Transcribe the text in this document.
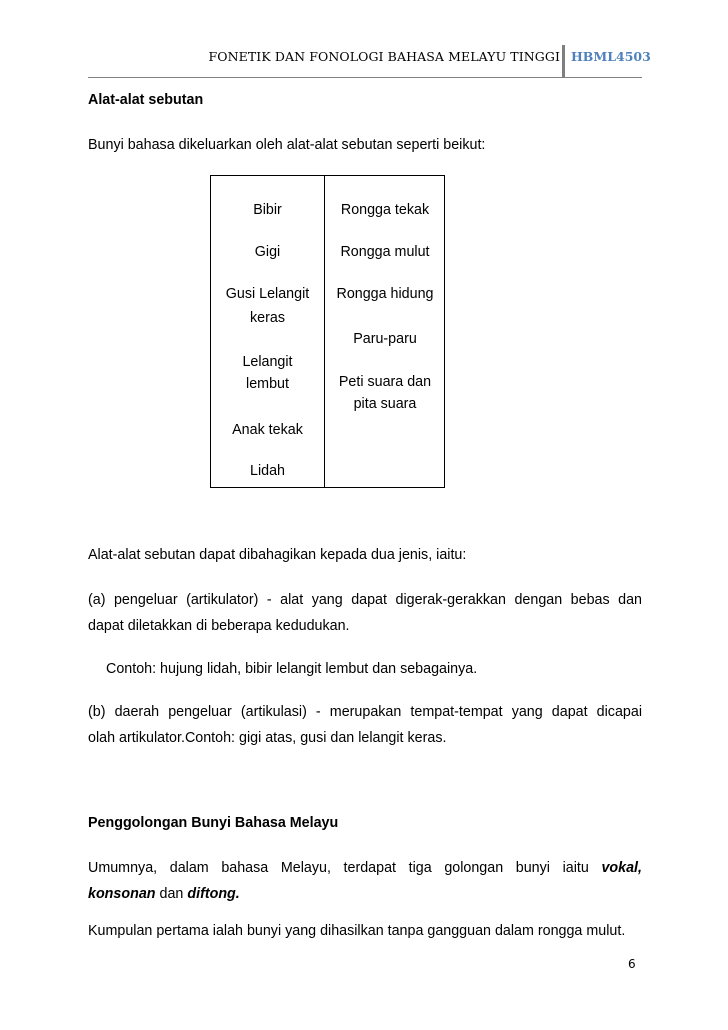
FONETIK DAN FONOLOGI BAHASA MELAYU TINGGI HBML4503
Alat-alat sebutan
Bunyi bahasa dikeluarkan oleh alat-alat sebutan seperti beikut:
Bibir
Gigi
Gusi Lelangit
keras
Lelangit
lembut
Anak tekak
Lidah
Rongga tekak
Rongga mulut
Rongga hidung
Paru-paru
Peti suara dan
pita suara
Alat-alat sebutan dapat dibahagikan kepada dua jenis, iaitu:
(a) pengeluar (artikulator) - alat yang dapat digerak-gerakkan dengan bebas dan
dapat diletakkan di beberapa kedudukan.
Contoh: hujung lidah, bibir lelangit lembut dan sebagainya.
(b) daerah pengeluar (artikulasi) - merupakan tempat-tempat yang dapat dicapai
olah artikulator.Contoh: gigi atas, gusi dan lelangit keras.
Penggolongan Bunyi Bahasa Melayu
Umumnya, dalam bahasa Melayu, terdapat tiga golongan bunyi iaitu vokal,
konsonan dan diftong.
Kumpulan pertama ialah bunyi yang dihasilkan tanpa gangguan dalam rongga mulut.
6
